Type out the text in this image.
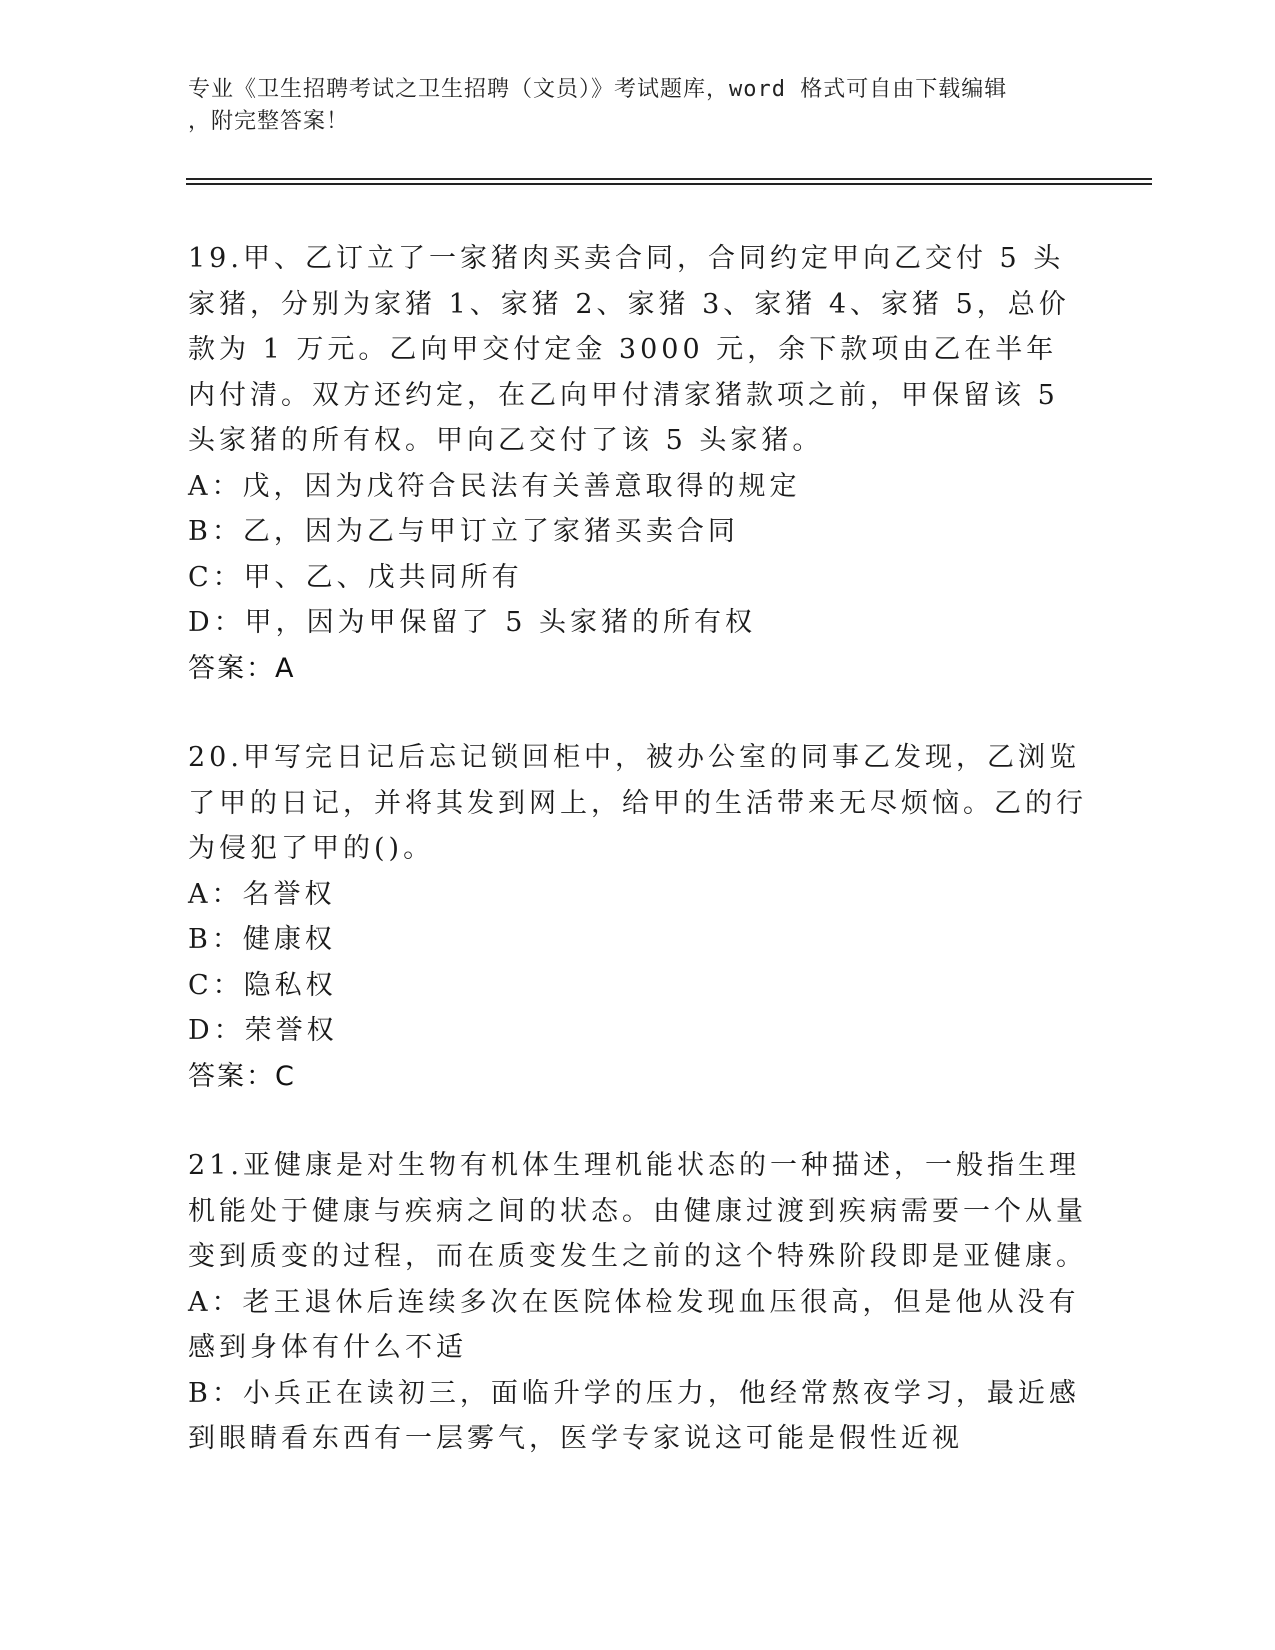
专业《卫生招聘考试之卫生招聘（文员）》考试题库，word 格式可自由下载编辑
，附完整答案！

19.甲、乙订立了一家猪肉买卖合同，合同约定甲向乙交付 5 头家猪，分别为家猪 1、家猪 2、家猪 3、家猪 4、家猪 5，总价款为 1 万元。乙向甲交付定金 3000 元，余下款项由乙在半年内付清。双方还约定，在乙向甲付清家猪款项之前，甲保留该 5 头家猪的所有权。甲向乙交付了该 5 头家猪。

A：戊，因为戊符合民法有关善意取得的规定

B：乙，因为乙与甲订立了家猪买卖合同

C：甲、乙、戊共同所有

D：甲，因为甲保留了 5 头家猪的所有权

答案：A

20.甲写完日记后忘记锁回柜中，被办公室的同事乙发现，乙浏览了甲的日记，并将其发到网上，给甲的生活带来无尽烦恼。乙的行为侵犯了甲的()。

A：名誉权

B：健康权

C：隐私权

D：荣誉权

答案：C

21.亚健康是对生物有机体生理机能状态的一种描述，一般指生理机能处于健康与疾病之间的状态。由健康过渡到疾病需要一个从量变到质变的过程，而在质变发生之前的这个特殊阶段即是亚健康。

A：老王退休后连续多次在医院体检发现血压很高，但是他从没有感到身体有什么不适

B：小兵正在读初三，面临升学的压力，他经常熬夜学习，最近感到眼睛看东西有一层雾气，医学专家说这可能是假性近视
